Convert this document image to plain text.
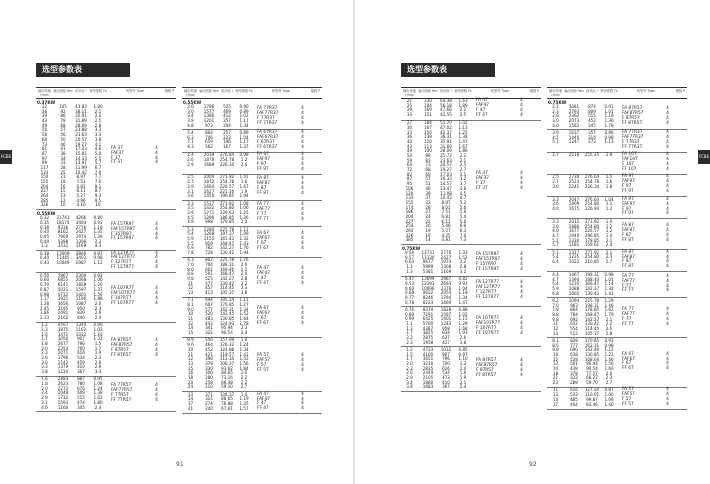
选型参数表
FCBE
输出转速 r/min
输出扭矩 Nm 传动比 i 使用系数 Fs	机型号 Type	极数 P
0.37KW
32	105	43.83	1.80
36	92	38.11	2.1
39	86	35.91	2.2
43	78	31.89	2.5
49	68	28.09	2.8
56	57	23.88	3.3
58	56	23.63	3.3
66	50	20.57	3.8
73	46	19.27	4.1
81	41	17.03	4.6
87	38	15.81	5.0
97	34	14.33	5.5
99	33	13.97	5.7
117	28	11.99	6.7
133	25	10.42	7.0
150	21	8.97	7.7
155	18	7.51	7.6
204	16	6.81	8.1
227	15	6.11	8.7
264	13	5.27	9.3
285	12	4.96	9.5
326	10	4.16	10
FA 37	4
FAF37	4
F 37	4
FF 37	4
0.55KW
0.32	21741	4266	0.80
0.35	18174	3404	0.93
0.38	9336	2776	1.18
0.40	8162	2427	1.35
0.45	7900	1974	1.39
0.49	4398	1306	2.3
1.3	3531	1169	4.3
FA 157R97	4
FAF157R97	4
F 157R97	4
FF 157R97	4
0.38	13009	3866	0.87
0.40	11445	3403	0.98
0.43	10049	2987	1.12
FA 127R77	4
FAF127R77	4
F 127R77	4
FF 127R77	4
0.50	7867	2369	0.92
0.60	6855	2068	1.06
0.70	6141	1828	1.20
0.87	5021	1597	1.37
0.98	4712	1401	1.56
1.17	3921	1166	1.88
1.28	3656	1087	2.0
1.45	3195	950	2.3
1.86	2491	839	2.6
2.13	2162	640	2.4
FA 107R77	4
FAF107R77	4
F 107R77	4
FF 107R77	4
1.2	4507	1340	0.90
1.3	3875	1162	1.02
1.6	3471	1032	1.16
1.7	3050	907	1.33
1.8	2677	796	1.5
2.0	2354	700	1.7
2.3	2071	616	1.9
2.6	1796	534	2.3
3.0	1542	459	2.6
3.3	1379	410	2.9
3.8	1234	367	3.3
FA 87R57	4
FAF87R57	4
F 87R57	4
FF 87R57	4
1.6	2883	887	0.95
1.8	2623	780	1.08
2.0	2273	676	1.24
2.4	2048	609	1.38
2.9	1732	515	1.63
3.1	1593	474	1.80
4.0	1160	345	2.4
FA 77R57	4
FAF77R57	4
F 77R57	4
FF 77R57	4
输出转速 r/min
输出扭矩 Nm 传动比 i 使用系数 Fs	机型号 Type	极数 P
0.55KW
2.6	1786	525	0.90
3.0	1577	469	0.89
3.4	1386	412	1.02
3.9	1201	357	1.17
4.8	973	294	1.34
FA 77R37	4
FAF77R37	4
F 77R37	4
FF 77R37	4
5.4	864	257	0.89
6.3	746	222	1.04
7.1	659	196	1.17
8.3	562	167	1.37
FA 67R37	4
FAF67R37	4
F 67R37	4
FF 67R37	4
2.4	2039	276.84	0.98
2.6	1878	254.78	1.2
2.9	1689	226.34	2.4
FA 97	4
FAF97	4
F 97	4
FF 97	4
2.5	2004	271.92	1.41
2.7	1872	254.78	1.6
2.9	1664	226.57	1.67
3.1	1627	221.16	1.9
3.6	1450	196.85	1.94
FA 87	4
FAF87	4
F 87	4
FF 87	4
3.3	1517	271.92	1.08
3.5	1422	254.80	1.06
3.9	1271	226.63	1.25
4.5	1296	186.85	1.26
4.9	998	176.85	2.0
FA 77	4
FAF77	4
F 77	4
FF 77	4
5.3	1280	225.78	1.12
5.4	1268	197.37	1.09
5.9	1155	165.43	1.32
5.5	929	168.47	1.43
6.9	782	142.27	1.76
7.8	728	130.42	1.94
FA 67	4
FAF67	4
F 67	4
FF 67	4
6.3	802	225.78	1.76
7.0	704	188.31	2.0
8.0	601	169.46	2.2
8.8	591	168.47	2.4
9.8	525	142.27	2.8
11	477	130.42	3.2
12	457	114.45	3.3
13	413	105.37	3.8
FA 47	4
FAF47	4
F 47	4
FF 47	4
7.1	694	195.24	1.11
8.1	607	170.85	1.27
9.0	577	162.31	1.34
10	520	142.45	1.52
11	483	130.85	1.64
12	443	124.93	1.78
14	341	95.94	2.3
15	322	90.54	2.4
FA 67	4
FAF67	4
F 67	4
FF 67	4
8.9	556	157.09	1.0
9.6	464	126.32	1.24
10	452	124.88	1.34
11	421	118.57	1.41
12	398	112.34	1.52
13	378	106.37	1.56
15	330	93.62	1.84
16	300	84.65	2.0
18	280	73.16	2.2
20	258	66.48	2.2
24	210	59.10	2.7
FA 57	4
FAF57	4
F 57	4
FF 57	4
13	371	104.37	1.0
14	315	88.65	1.19
17	274	76.88	1.35
21	240	67.61	1.57
FA 47	4
FAF47	4
F 47	4
FF 47	4
91
选型参数表
FCBE
输出转速 r/min
输出扭矩 Nm 传动比 i 使用系数 Fs	机型号 Type	极数 P
21	230	64.38	1.63
25	194	56.18	1.89
29	169	47.66	2.2
33	151	42.55	2.5
FA 47	4
FAF47	4
F 47	4
FF 47	4
27	184	51.70	1.02
30	167	47.02	1.13
33	150	42.37	1.25
36	138	38.31	1.38
42	120	35.91	1.47
43	113	31.69	1.67
49	100	28.09	1.86
54	89	25.72	2.2
59	83	23.63	2.1
64	73	20.57	2.5
72	68	19.27	2.7
82	60	17.03	3.1
87	57	16.33	3.2
95	51	14.57	3.7
106	46	13.47	3.8
120	39	11.08	4.5
133	37	10.42	4.7
155	32	8.97	5.2
174	28	8.01	5.6
186	27	7.51	5.6
204	24	6.81	5.4
227	22	6.11	5.6
254	20	5.48	6.0
264	19	5.27	6.3
326	16	4.25	7.0
385	14	3.81	7.3
FA 37	4
FAF37	4
F 37	4
FF 37	4
0.75KW
0.50	12731	2776	1.33
0.57	11130	2427	1.52
0.63	9677	1974	2.2
1.1	5999	1308	2.8
1.3	5381	1169	3.2
FA 157R97	4
FAF157R97	4
F 157R97	4
FF 157R97	4
0.47	13699	2987	0.82
0.53	12293	2693	0.91
0.60	10696	2376	1.04
0.68	9622	2054	1.18
0.77	8246	1794	1.34
0.78	8223	1669	1.47
FA 127R77	4
FAF127R77	4
F 127R77	4
FF 127R77	4
0.76	8374	1828	0.88
0.89	7291	1597	1.02
0.99	6425	1401	1.15
1.1	5700	1243	1.29
1.3	4387	958	1.68
1.7	3825	834	1.93
2.2	2875	627	2.6
2.3	1958	427	3.8
FA 107R77	4
FAF107R77	4
F 107R77	4
FF 107R77	4
1.2	4733	1032	0.85
1.5	4160	907	0.97
1.7	3651	796	1.10
2.0	3210	700	1.3
2.3	2825	616	1.4
2.6	2449	534	1.6
2.9	2105	472	1.9
3.4	1880	410	2.1
3.8	1683	367	2.4
FA 87R57	4
FAF87R57	4
F 87R57	4
FF 87R57	4
输出转速 r/min
输出扭矩 Nm 传动比 i 使用系数 Fs	机型号 Type	极数 P
0.75KW
2.1	3081	874	0.91
2.3	2793	809	1.01
2.6	2362	515	1.19
3.0	2073	452	1.36
4.0	1582	345	1.78
FA 87R57	4
FAF87R57	4
F 87R57	4
FF 87R57	4
3.9	1637	357	0.86
4.5	1440	314	0.98
5.1	1247	272	1.13
FA 77R37	4
FAF77R37	4
F 77R37	4
FF 77R37	4
2.7	2518	255.25	2.9	FA 107	4
FAF107	4
F 107	4
FF 107	4
2.5	2730	276.64	1.5
2.7	2523	254.78	1.6
3.0	2241	226.34	1.8
FA 97	4
FAF97	4
F 97	4
FF 97	4
3.3	2047	276.64	1.04
3.6	1909	254.80	1.1
4.0	1675	226.94	1.2
FA 97	4
FAF97	4
F 97	4
FF 97	4
3.3	2012	271.92	1.0
3.6	1886	254.80	1.2
4.0	1677	226.57	1.2
4.7	1440	196.85	1.4
5.1	1334	178.85	2.1
5.7	1181	159.61	2.4
FA 87	4
FAF87	4
F 87	4
FF 87	4
5.1	1317	271.92	2.1
5.4	1235	254.80	2.3
6.4	1022	210.85	2.7
FA 87	4
FAF87	4
F 87	4
FF 87	4
4.4	1467	198.31	0.98
4.7	1394	188.40	1.01
5.4	1235	166.47	1.14
5.9	1088	142.27	1.34
6.8	1002	130.42	1.41
FA 77	4
FAF77	4
F 77	4
FF 77	4
6.2	1094	225.78	1.29
7.0	963	198.31	1.46
7.8	864	178.85	1.62
8.8	784	168.47	1.79
9.8	692	142.27	2.1
11	632	130.42	2.2
12	554	114.45	2.5
13	512	105.37	2.8
FA 77	4
FAF77	4
F 77	4
FF 77	4
8.1	828	170.85	0.93
8.5	777	162.31	0.98
9.8	690	142.40	1.12
10	638	130.85	1.22
12	528	108.04	1.46
13	501	96.94	1.56
14	439	90.54	1.66
18	378	77.57	2.0
21	322	66.27	2.3
23	289	59.70	2.7
FA 67	4
FAF67	4
F 67	4
FF 67	4
11	616	127.20	0.87
13	533	110.01	1.00
14	485	99.87	1.09
17	404	83.46	1.40
FA 57	4
FAF57	4
F 57	4
FF 57	4
92
